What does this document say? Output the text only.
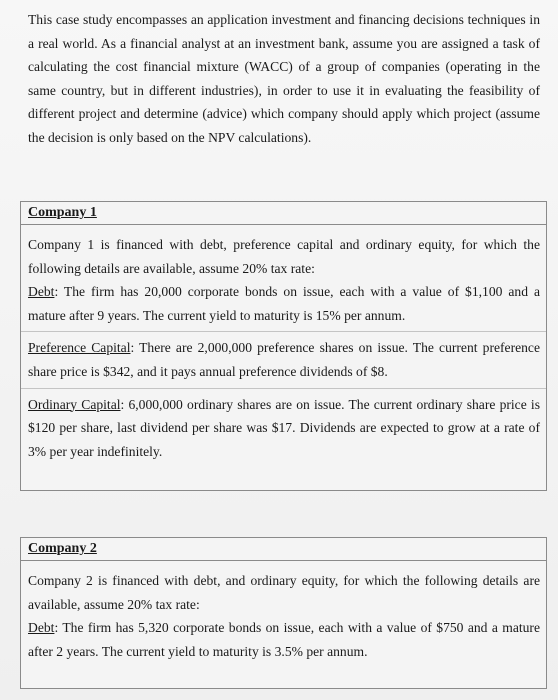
This case study encompasses an application investment and financing decisions techniques in a real world. As a financial analyst at an investment bank, assume you are assigned a task of calculating the cost financial mixture (WACC) of a group of companies (operating in the same country, but in different industries), in order to use it in evaluating the feasibility of different project and determine (advice) which company should apply which project (assume the decision is only based on the NPV calculations).
Company 1
Company 1 is financed with debt, preference capital and ordinary equity, for which the following details are available, assume 20% tax rate:
Debt: The firm has 20,000 corporate bonds on issue, each with a value of $1,100 and a mature after 9 years. The current yield to maturity is 15% per annum.
Preference Capital: There are 2,000,000 preference shares on issue. The current preference share price is $342, and it pays annual preference dividends of $8.
Ordinary Capital: 6,000,000 ordinary shares are on issue. The current ordinary share price is $120 per share, last dividend per share was $17. Dividends are expected to grow at a rate of 3% per year indefinitely.
Company 2
Company 2 is financed with debt, and ordinary equity, for which the following details are available, assume 20% tax rate:
Debt: The firm has 5,320 corporate bonds on issue, each with a value of $750 and a mature after 2 years. The current yield to maturity is 3.5% per annum.
